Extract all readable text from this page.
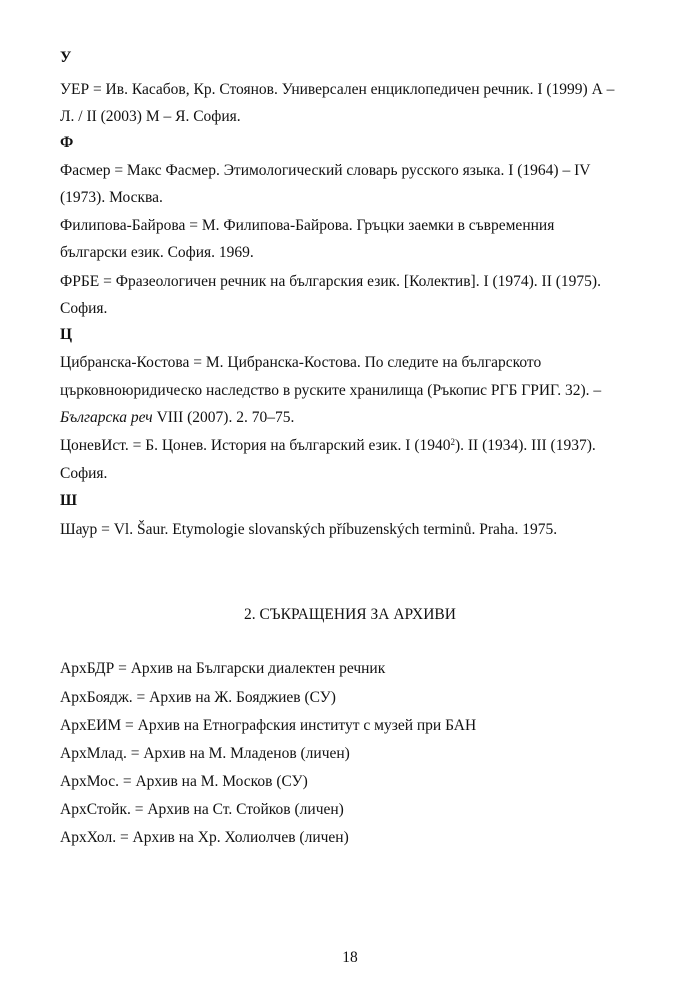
У
УЕР = Ив. Касабов, Кр. Стоянов. Универсален енциклопедичен речник. I (1999) А –
Л. / II (2003) М – Я. София.
Ф
Фасмер = Макс Фасмер. Этимологический словарь русского языка. I (1964) – IV
(1973). Москва.
Филипова-Байрова = М. Филипова-Байрова. Гръцки заемки в съвременния
български език. София. 1969.
ФРБЕ = Фразеологичен речник на българския език. [Колектив]. I (1974). II (1975).
София.
Ц
Цибранска-Костова = М. Цибранска-Костова. По следите на българското
църковноюридическо наследство в руските хранилища (Ръкопис РГБ ГРИГ. 32). –
Българска реч VIII (2007). 2. 70–75.
ЦоневИст. = Б. Цонев. История на българский език. I (1940$^2$). II (1934). III (1937).
София.
Ш
Шаур = Vl. Šaur. Etymologie slovanských příbuzenských terminů. Praha. 1975.
2. СЪКРАЩЕНИЯ ЗА АРХИВИ
АрхБДР = Архив на Български диалектен речник
АрхБоядж. = Архив на Ж. Бояджиев (СУ)
АрхЕИМ = Архив на Етнографския институт с музей при БАН
АрхМлад. = Архив на М. Младенов (личен)
АрхМос. = Архив на М. Москов (СУ)
АрхСтойк. = Архив на Ст. Стойков (личен)
АрхХол. = Архив на Хр. Холиолчев (личен)
18
